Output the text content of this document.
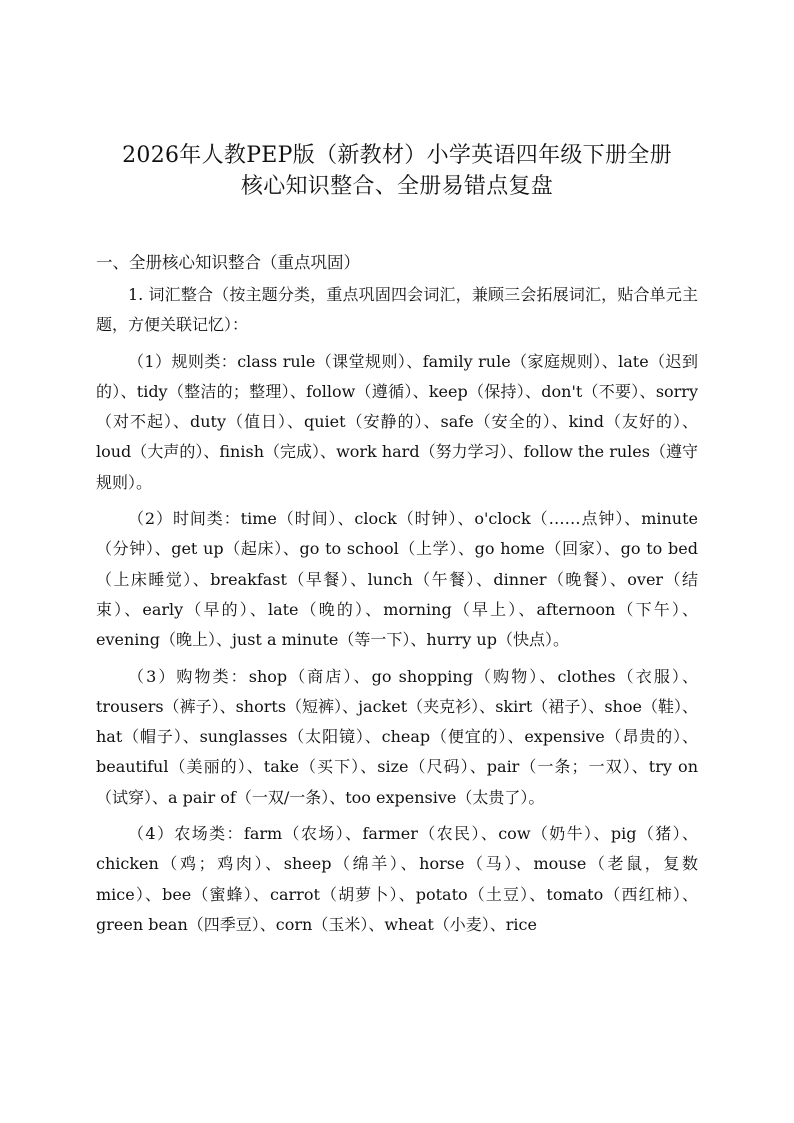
2026年人教PEP版（新教材）小学英语四年级下册全册
核心知识整合、全册易错点复盘
一、全册核心知识整合（重点巩固）

1. 词汇整合（按主题分类，重点巩固四会词汇，兼顾三会拓展词汇，贴合单元主题，方便关联记忆）：

（1）规则类：class rule（课堂规则）、family rule（家庭规则）、late（迟到的）、tidy（整洁的；整理）、follow（遵循）、keep（保持）、don't（不要）、sorry（对不起）、duty（值日）、quiet（安静的）、safe（安全的）、kind（友好的）、loud（大声的）、finish（完成）、work hard（努力学习）、follow the rules（遵守规则）。

（2）时间类：time（时间）、clock（时钟）、o'clock（……点钟）、minute（分钟）、get up（起床）、go to school（上学）、go home（回家）、go to bed（上床睡觉）、breakfast（早餐）、lunch（午餐）、dinner（晚餐）、over（结束）、early（早的）、late（晚的）、morning（早上）、afternoon（下午）、evening（晚上）、just a minute（等一下）、hurry up（快点）。

（3）购物类：shop（商店）、go shopping（购物）、clothes（衣服）、trousers（裤子）、shorts（短裤）、jacket（夹克衫）、skirt（裙子）、shoe（鞋）、hat（帽子）、sunglasses（太阳镜）、cheap（便宜的）、expensive（昂贵的）、beautiful（美丽的）、take（买下）、size（尺码）、pair（一条；一双）、try on（试穿）、a pair of（一双/一条）、too expensive（太贵了）。

（4）农场类：farm（农场）、farmer（农民）、cow（奶牛）、pig（猪）、chicken（鸡；鸡肉）、sheep（绵羊）、horse（马）、mouse（老鼠，复数 mice）、bee（蜜蜂）、carrot（胡萝卜）、potato（土豆）、tomato（西红柿）、green bean（四季豆）、corn（玉米）、wheat（小麦）、rice
